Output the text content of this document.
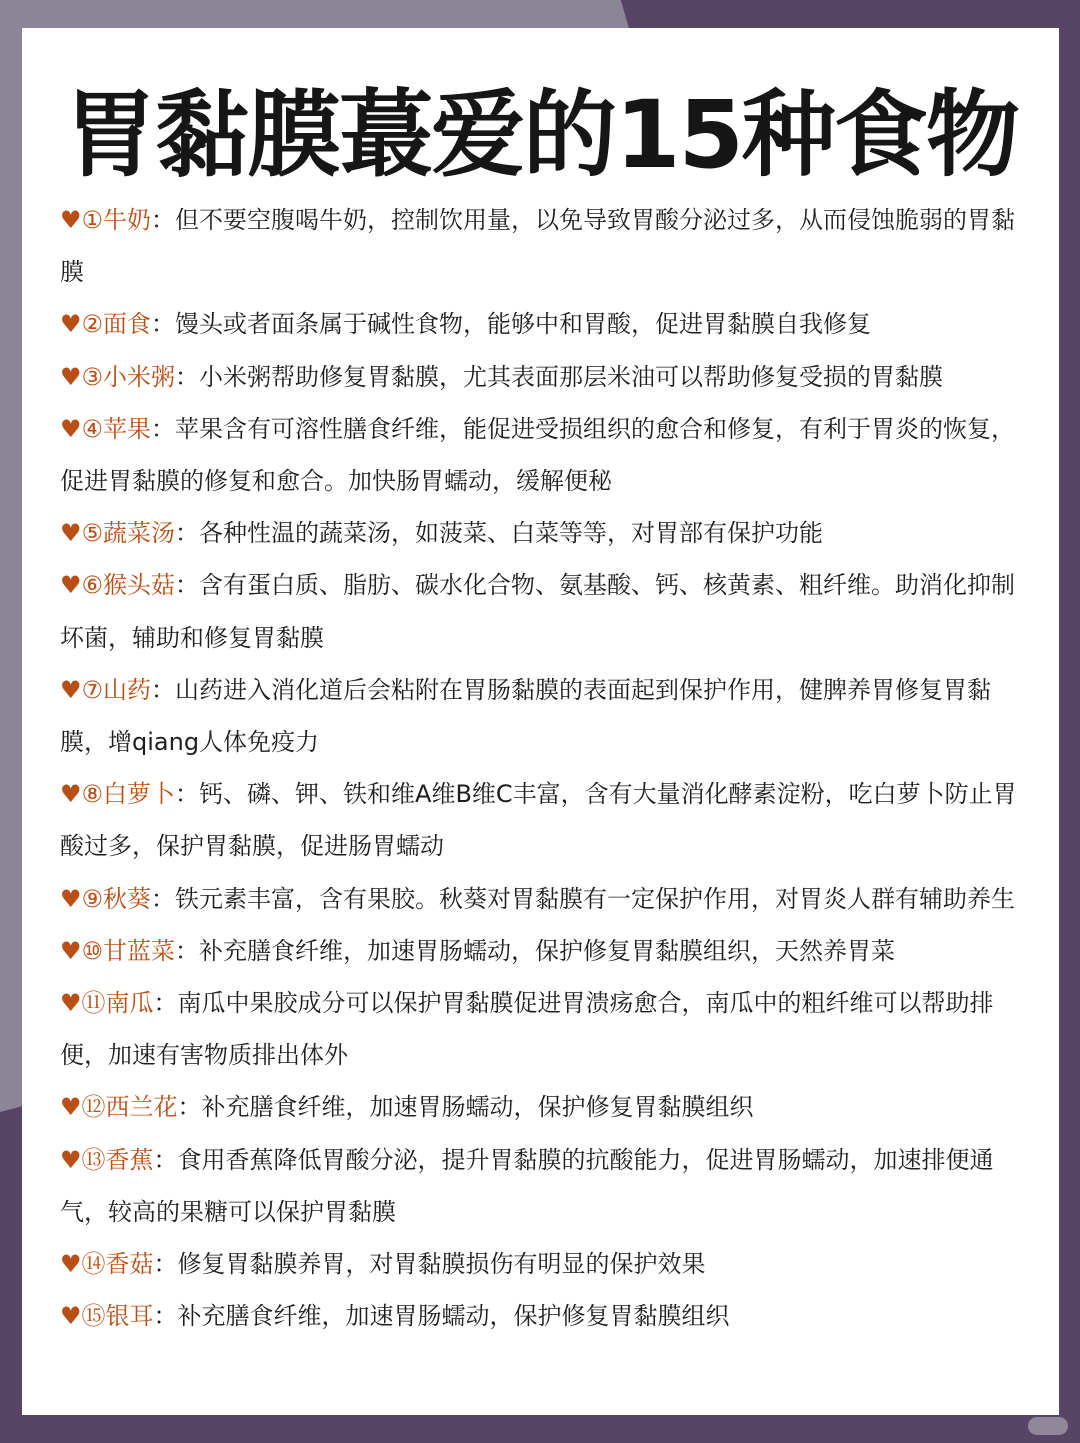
胃黏膜蕞爱的15种食物
♥①牛奶：但不要空腹喝牛奶，控制饮用量，以免导致胃酸分泌过多，从而侵蚀脆弱的胃黏膜
♥②面食：馒头或者面条属于碱性食物，能够中和胃酸，促进胃黏膜自我修复
♥③小米粥：小米粥帮助修复胃黏膜，尤其表面那层米油可以帮助修复受损的胃黏膜
♥④苹果：苹果含有可溶性膳食纤维，能促进受损组织的愈合和修复，有利于胃炎的恢复，促进胃黏膜的修复和愈合。加快肠胃蠕动，缓解便秘
♥⑤蔬菜汤：各种性温的蔬菜汤，如菠菜、白菜等等，对胃部有保护功能
♥⑥猴头菇：含有蛋白质、脂肪、碳水化合物、氨基酸、钙、核黄素、粗纤维。助消化抑制坏菌，辅助和修复胃黏膜
♥⑦山药：山药进入消化道后会粘附在胃肠黏膜的表面起到保护作用，健脾养胃修复胃黏膜，增qiang人体免疫力
♥⑧白萝卜：钙、磷、钾、铁和维A维B维C丰富，含有大量消化酵素淀粉，吃白萝卜防止胃酸过多，保护胃黏膜，促进肠胃蠕动
♥⑨秋葵：铁元素丰富，含有果胶。秋葵对胃黏膜有一定保护作用，对胃炎人群有辅助养生
♥⑩甘蓝菜：补充膳食纤维，加速胃肠蠕动，保护修复胃黏膜组织，天然养胃菜
♥⑪南瓜：南瓜中果胶成分可以保护胃黏膜促进胃溃疡愈合，南瓜中的粗纤维可以帮助排便，加速有害物质排出体外
♥⑫西兰花：补充膳食纤维，加速胃肠蠕动，保护修复胃黏膜组织
♥⑬香蕉：食用香蕉降低胃酸分泌，提升胃黏膜的抗酸能力，促进胃肠蠕动，加速排便通气，较高的果糖可以保护胃黏膜
♥⑭香菇：修复胃黏膜养胃，对胃黏膜损伤有明显的保护效果
♥⑮银耳：补充膳食纤维，加速胃肠蠕动，保护修复胃黏膜组织
